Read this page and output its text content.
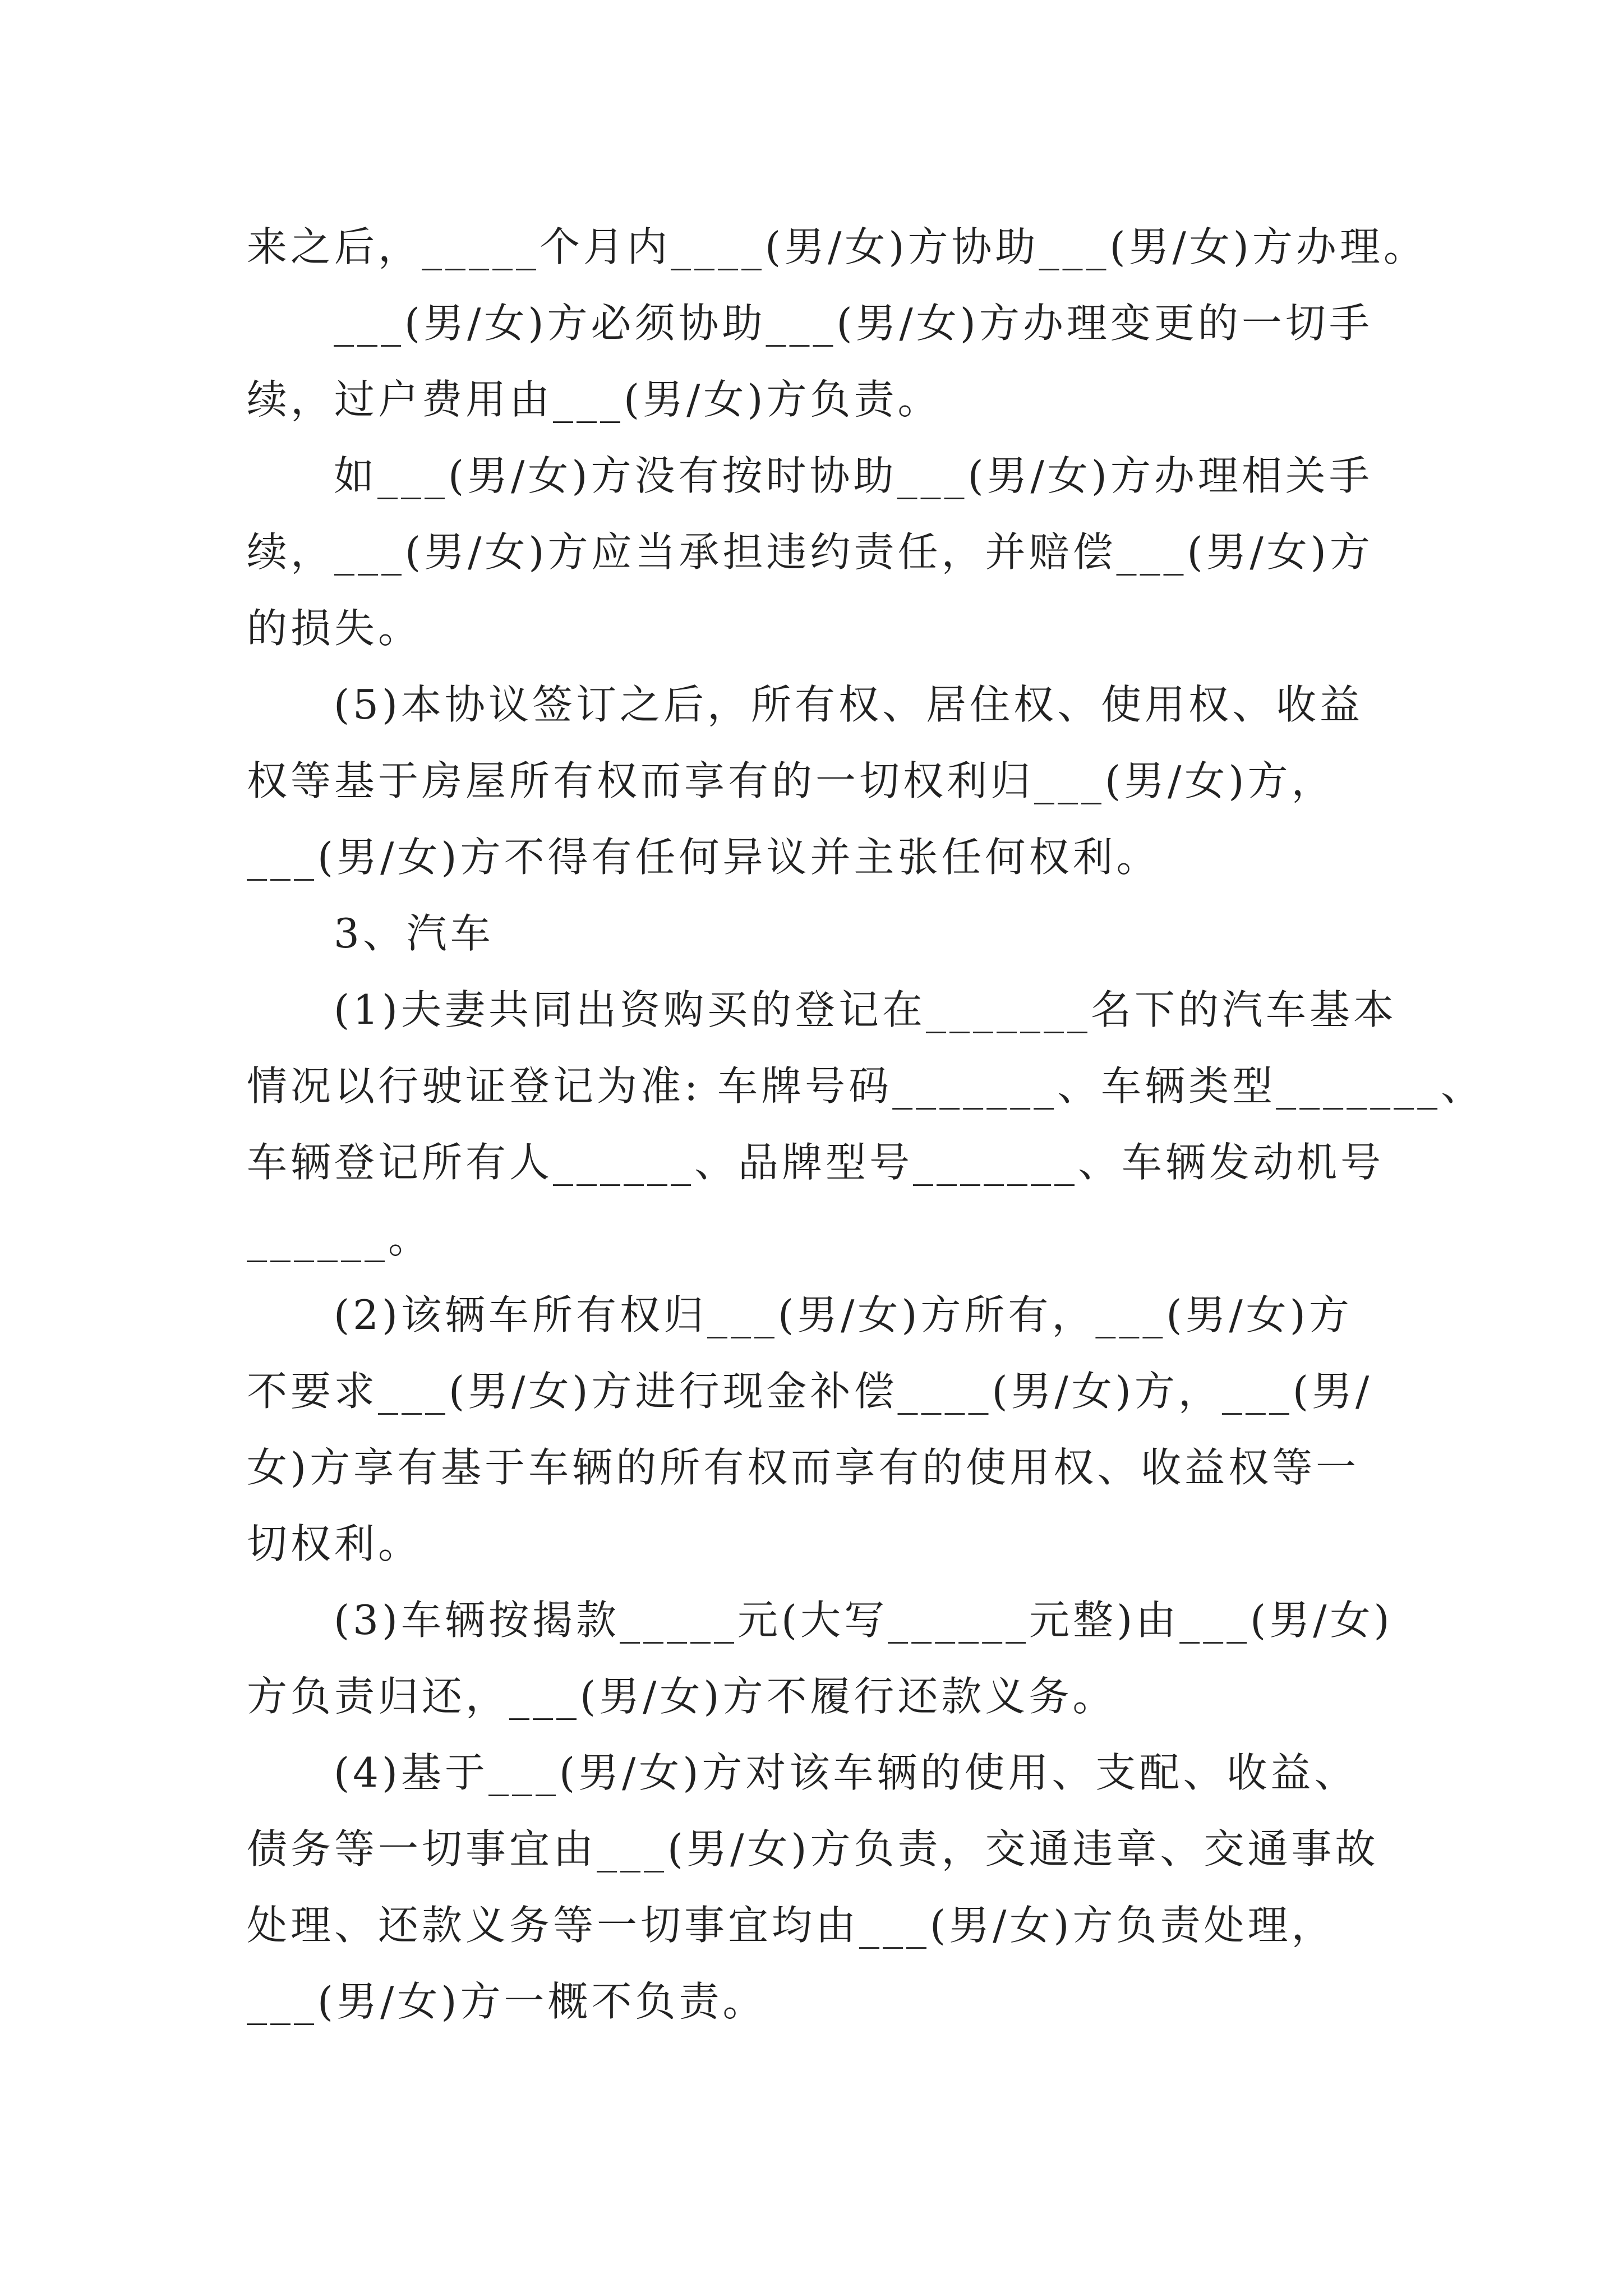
来之后，_____个月内____(男/女)方协助___(男/女)方办理。
___(男/女)方必须协助___(男/女)方办理变更的一切手
续，过户费用由___(男/女)方负责。
如___(男/女)方没有按时协助___(男/女)方办理相关手
续，___(男/女)方应当承担违约责任，并赔偿___(男/女)方
的损失。
(5)本协议签订之后，所有权、居住权、使用权、收益
权等基于房屋所有权而享有的一切权利归___(男/女)方，
___(男/女)方不得有任何异议并主张任何权利。
3、汽车
(1)夫妻共同出资购买的登记在_______名下的汽车基本
情况以行驶证登记为准: 车牌号码_______、车辆类型_______、
车辆登记所有人______、品牌型号_______、车辆发动机号
______。
(2)该辆车所有权归___(男/女)方所有，___(男/女)方
不要求___(男/女)方进行现金补偿____(男/女)方，___(男/
女)方享有基于车辆的所有权而享有的使用权、收益权等一
切权利。
(3)车辆按揭款_____元(大写______元整)由___(男/女)
方负责归还，___(男/女)方不履行还款义务。
(4)基于___(男/女)方对该车辆的使用、支配、收益、
债务等一切事宜由___(男/女)方负责，交通违章、交通事故
处理、还款义务等一切事宜均由___(男/女)方负责处理，
___(男/女)方一概不负责。
